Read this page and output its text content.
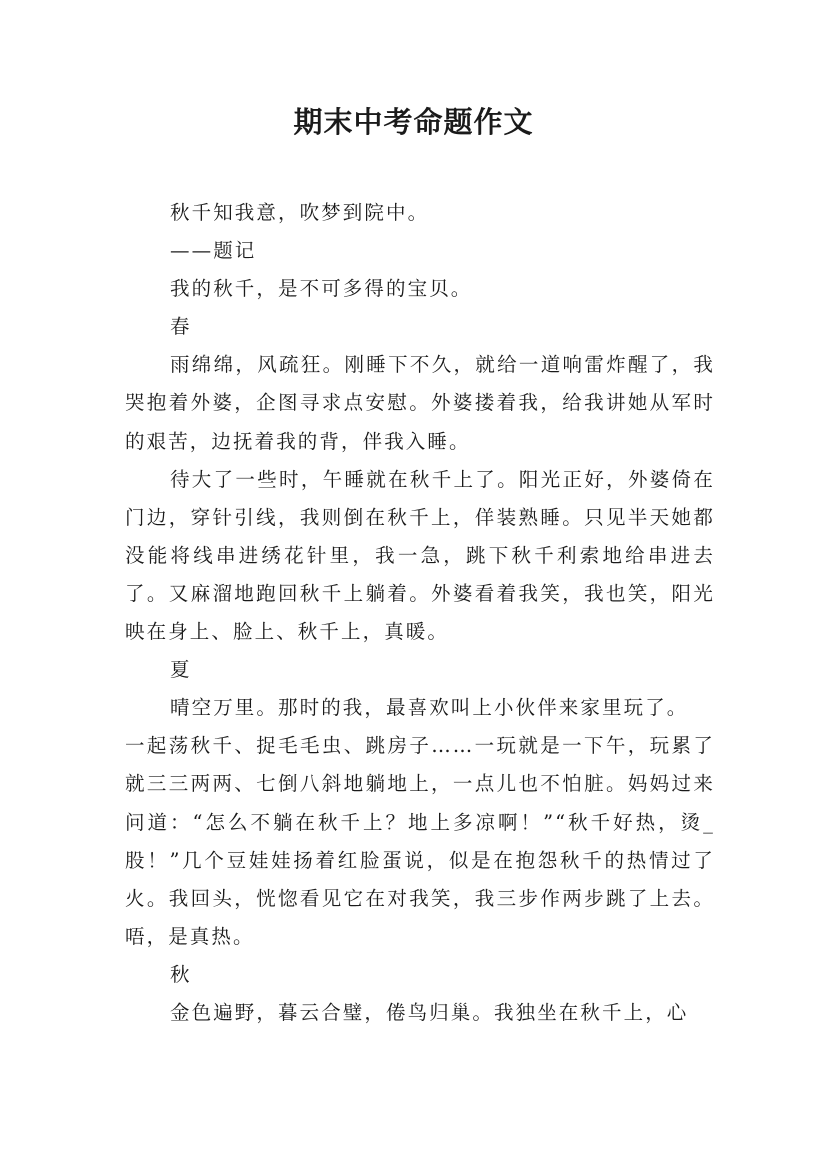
期末中考命题作文

秋千知我意，吹梦到院中。

——题记

我的秋千，是不可多得的宝贝。

春

雨绵绵，风疏狂。刚睡下不久，就给一道响雷炸醒了，我哭抱着外婆，企图寻求点安慰。外婆搂着我，给我讲她从军时的艰苦，边抚着我的背，伴我入睡。

待大了一些时，午睡就在秋千上了。阳光正好，外婆倚在门边，穿针引线，我则倒在秋千上，佯装熟睡。只见半天她都没能将线串进绣花针里，我一急，跳下秋千利索地给串进去了。又麻溜地跑回秋千上躺着。外婆看着我笑，我也笑，阳光映在身上、脸上、秋千上，真暖。

夏

晴空万里。那时的我，最喜欢叫上小伙伴来家里玩了。

一起荡秋千、捉毛毛虫、跳房子……一玩就是一下午，玩累了就三三两两、七倒八斜地躺地上，一点儿也不怕脏。妈妈过来问道：“怎么不躺在秋千上？地上多凉啊！”“秋千好热，烫_股！”几个豆娃娃扬着红脸蛋说，似是在抱怨秋千的热情过了火。我回头，恍惚看见它在对我笑，我三步作两步跳了上去。唔，是真热。

秋

金色遍野，暮云合璧，倦鸟归巢。我独坐在秋千上，心
